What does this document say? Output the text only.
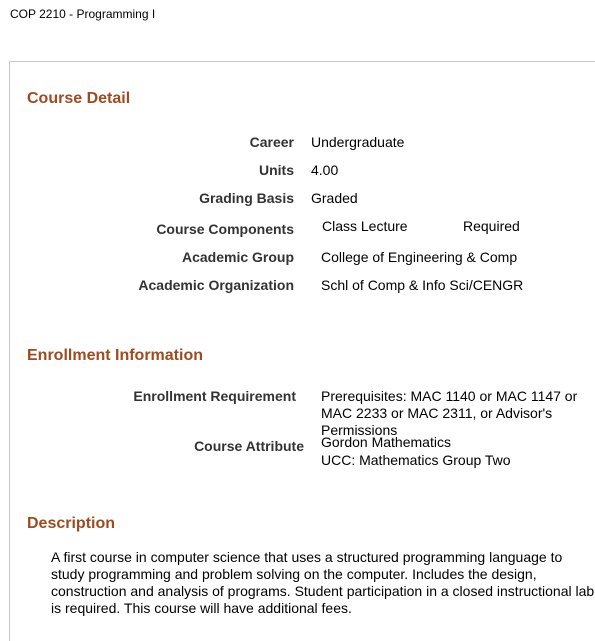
COP 2210 - Programming I
Course Detail
Career Undergraduate
Units 4.00
Grading Basis Graded
Course Components Class Lecture	Required
Academic Group College of Engineering & Comp
Academic Organization Schl of Comp & Info Sci/CENGR
Enrollment Information
Enrollment Requirement Prerequisites: MAC 1140 or MAC 1147 or MAC 2233 or MAC 2311, or Advisor's Permissions
Course Attribute Gordon Mathematics
UCC: Mathematics Group Two
Description
A first course in computer science that uses a structured programming language to study programming and problem solving on the computer. Includes the design, construction and analysis of programs. Student participation in a closed instructional lab is required. This course will have additional fees.
